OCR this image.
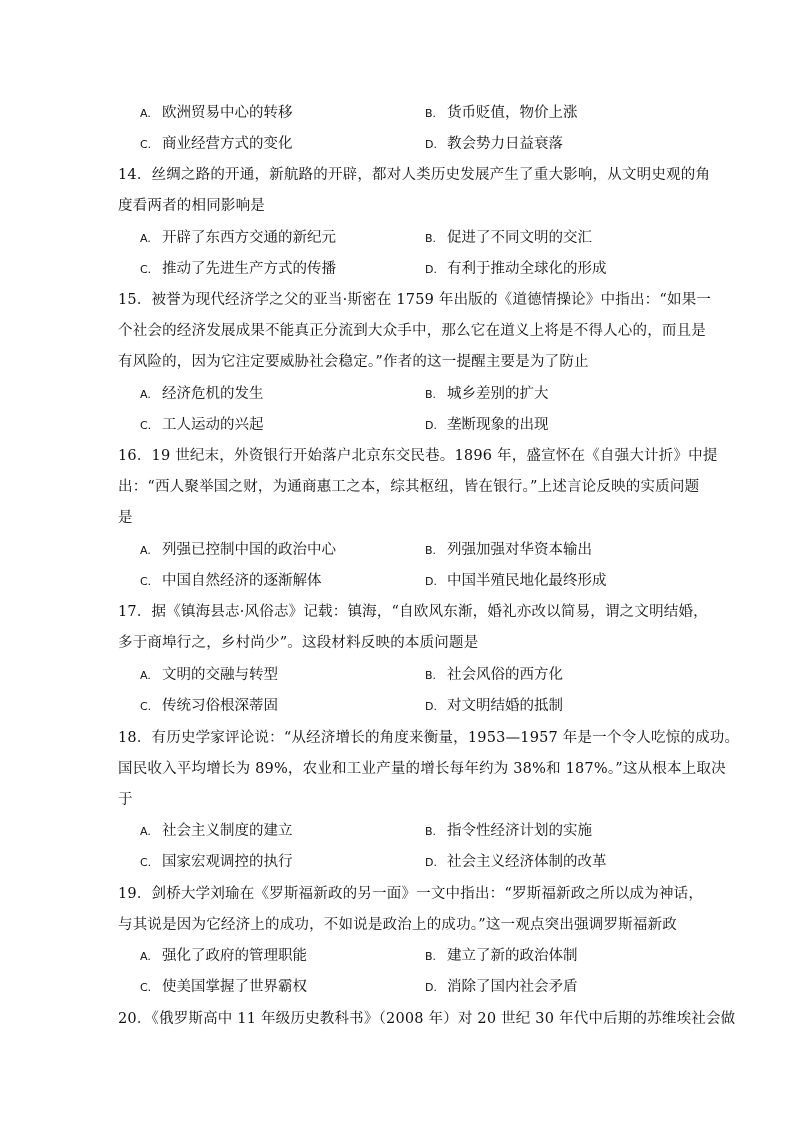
A. 欧洲贸易中心的转移	B. 货币贬值，物价上涨
C. 商业经营方式的变化	D. 教会势力日益衰落
14．丝绸之路的开通，新航路的开辟，都对人类历史发展产生了重大影响，从文明史观的角
度看两者的相同影响是
A. 开辟了东西方交通的新纪元	B. 促进了不同文明的交汇
C. 推动了先进生产方式的传播	D. 有利于推动全球化的形成
15．被誉为现代经济学之父的亚当·斯密在 1759 年出版的《道德情操论》中指出：“如果一
个社会的经济发展成果不能真正分流到大众手中，那么它在道义上将是不得人心的，而且是
有风险的，因为它注定要威胁社会稳定。”作者的这一提醒主要是为了防止
A. 经济危机的发生	B. 城乡差别的扩大
C. 工人运动的兴起	D. 垄断现象的出现
16．19 世纪末，外资银行开始落户北京东交民巷。1896 年，盛宣怀在《自强大计折》中提
出：“西人聚举国之财，为通商惠工之本，综其枢纽，皆在银行。”上述言论反映的实质问题
是
A. 列强已控制中国的政治中心	B. 列强加强对华资本输出
C. 中国自然经济的逐渐解体	D. 中国半殖民地化最终形成
17．据《镇海县志·风俗志》记载：镇海，“自欧风东渐，婚礼亦改以简易，谓之文明结婚，
多于商埠行之，乡村尚少”。这段材料反映的本质问题是
A. 文明的交融与转型	B. 社会风俗的西方化
C. 传统习俗根深蒂固	D. 对文明结婚的抵制
18．有历史学家评论说：“从经济增长的角度来衡量，1953—1957 年是一个令人吃惊的成功。
国民收入平均增长为 89%，农业和工业产量的增长每年约为 38%和 187%。”这从根本上取决
于
A. 社会主义制度的建立	B. 指令性经济计划的实施
C. 国家宏观调控的执行	D. 社会主义经济体制的改革
19．剑桥大学刘瑜在《罗斯福新政的另一面》一文中指出：“罗斯福新政之所以成为神话，
与其说是因为它经济上的成功，不如说是政治上的成功。”这一观点突出强调罗斯福新政
A. 强化了政府的管理职能	B. 建立了新的政治体制
C. 使美国掌握了世界霸权	D. 消除了国内社会矛盾
20．《俄罗斯高中 11 年级历史教科书》（2008 年）对 20 世纪 30 年代中后期的苏维埃社会做
